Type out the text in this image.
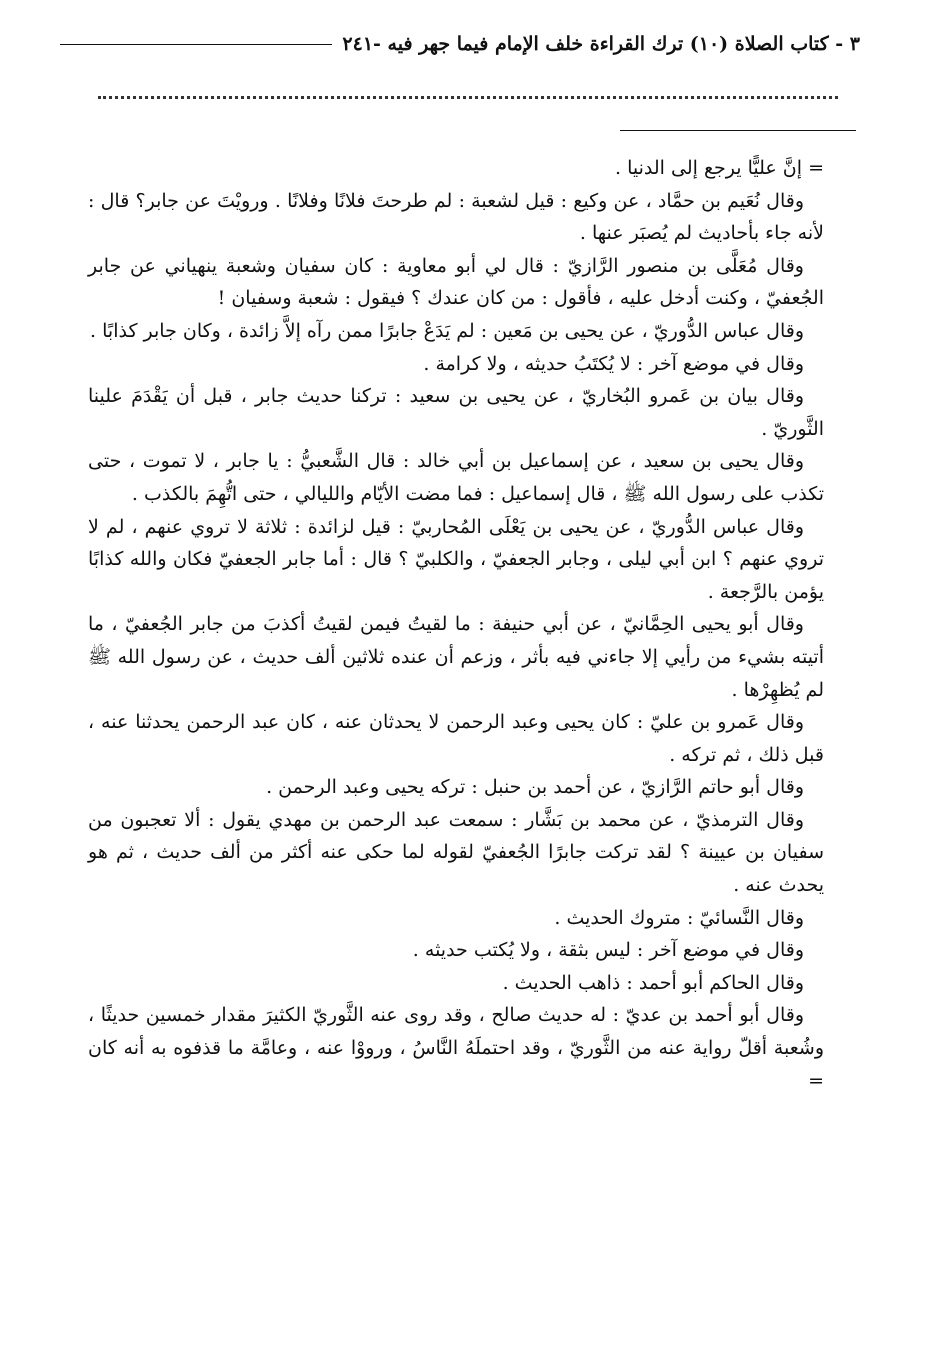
٣ - كتاب الصلاة (١٠) ترك القراءة خلف الإمام فيما جهر فيه -٢٤١

= إنَّ عليًّا يرجع إلى الدنيا .

وقال نُعَيم بن حمَّاد ، عن وكيع : قيل لشعبة : لم طرحتَ فلانًا وفلانًا . ورويْتَ عن جابر؟ قال : لأنه جاء بأحاديث لم يُصبَر عنها .

وقال مُعَلَّى بن منصور الرَّازيّ : قال لي أبو معاوية : كان سفيان وشعبة ينهياني عن جابر الجُعفيّ ، وكنت أدخل عليه ، فأقول : من كان عندك ؟ فيقول : شعبة وسفيان !

وقال عباس الدُّوريّ ، عن يحيى بن مَعين : لم يَدَعْ جابرًا ممن رآه إلاَّ زائدة ، وكان جابر كذابًا .

وقال في موضع آخر : لا يُكتَبُ حديثه ، ولا كرامة .

وقال بيان بن عَمرو البُخاريّ ، عن يحيى بن سعيد : تركنا حديث جابر ، قبل أن يَقْدَمَ علينا الثَّوريّ .

وقال يحيى بن سعيد ، عن إسماعيل بن أبي خالد : قال الشَّعبيُّ : يا جابر ، لا تموت ، حتى تكذب على رسول الله ﷺ ، قال إسماعيل : فما مضت الأيّام والليالي ، حتى اتُّهِمَ بالكذب .

وقال عباس الدُّوريّ ، عن يحيى بن يَعْلَى المُحاربيّ : قيل لزائدة : ثلاثة لا تروي عنهم ، لم لا تروي عنهم ؟ ابن أبي ليلى ، وجابر الجعفيّ ، والكلبيّ ؟ قال : أما جابر الجعفيّ فكان والله كذابًا يؤمن بالرَّجعة .

وقال أبو يحيى الحِمَّانيّ ، عن أبي حنيفة : ما لقيتُ فيمن لقيتُ أكذبَ من جابر الجُعفيّ ، ما أتيته بشيء من رأيي إلا جاءني فيه بأثر ، وزعم أن عنده ثلاثين ألف حديث ، عن رسول الله ﷺ لم يُظهِرْها .

وقال عَمرو بن عليّ : كان يحيى وعبد الرحمن لا يحدثان عنه ، كان عبد الرحمن يحدثنا عنه ، قبل ذلك ، ثم تركه .

وقال أبو حاتم الرَّازيّ ، عن أحمد بن حنبل : تركه يحيى وعبد الرحمن .

وقال الترمذيّ ، عن محمد بن بَشَّار : سمعت عبد الرحمن بن مهدي يقول : ألا تعجبون من سفيان بن عيينة ؟ لقد تركت جابرًا الجُعفيّ لقوله لما حكى عنه أكثر من ألف حديث ، ثم هو يحدث عنه .

وقال النَّسائيّ : متروك الحديث .

وقال في موضع آخر : ليس بثقة ، ولا يُكتب حديثه .

وقال الحاكم أبو أحمد : ذاهب الحديث .

وقال أبو أحمد بن عديّ : له حديث صالح ، وقد روى عنه الثَّوريّ الكثيرَ مقدار خمسين حديثًا ، وشُعبة أقلّ رواية عنه من الثَّوريّ ، وقد احتملَهُ النَّاسُ ، ورووْا عنه ، وعامَّة ما قذفوه به أنه كان =
